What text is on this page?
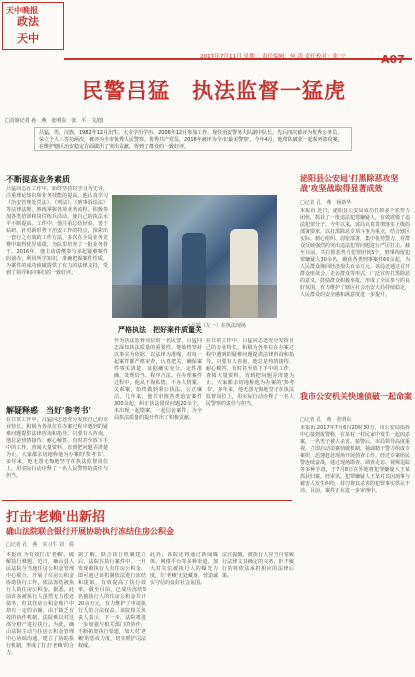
天中晚报
政法
天中
2017年7月11日 星期二 责任编辑：何 涛 责任校对：张 宁	A07
民警吕猛　执法监督一猛虎
□首席记者 孙　燕　张明东　张　平　文/图
吕猛，男，汉族，1982年12月出生，大专学历学历，2006年12月参加工作，现任治安警务大队副中队长，先后四次被评为优秀公务员，荣立个人三等功两次，被评为全市优秀人民警察、优秀共产党员，2016年被评为全市'最美警察'。今年4月，他带队破获一起系列盗窃案，在维护辖区治安稳定方面做出了突出贡献，得到了群众的一致好评。
不断提高业务素质
吕猛同志在工作中，始终坚持以学习为先导，注重理论知识和业务技能的提高。他认真学习《治安管理处罚法》、《刑法》、《刑事诉讼法》等法律法规，熟练掌握各项业务流程，积极参加各类培训和岗位练兵活动，使自己的执法水平不断提高。工作中，他注重总结经验，善于钻研，针对新形势下治安工作的特点，探索出一套行之有效的工作方法，多次在全局业务竞赛中取得优异成绩，为队里培养了一批业务骨干。2016年，他主动请缨参与多起疑难案件的侦办，利用所学知识，准确把握案件性质，为案件的成功侦破提供了有力的法律支持，受到了领导和同事们的一致好评。
△吕猛（左一）在执法现场
严格执法　把好案件质量关
作为执法监督岗位的一名民警，吕猛同志深知执法质量的重要性。他始终坚持以事实为依据、以法律为准绳，对每一起案件都严格审查，认真把关，确保案件事实清楚、证据确实充分、定性准确、处理恰当、程序合法。在办理案件过程中，他从不徇私情，不办人情案、关系案，始终做到秉公执法、公正廉洁。几年来，他共审核各类治安案件300余起，纠正执法错误问题20余个，未出现一起错案、一起信访案件，为全局执法质量的提升作出了积极贡献。
在日常工作中，吕猛同志还充分发挥自己的专业特长，积极为各单位在办案过程中遇到的疑难问题提供法律咨询和指导。只要有人咨询，他总是热情接待、耐心解答，有时甚至放下手中的工作，查阅大量资料，直到把问题弄清楚为止。大家都亲切地称他为办案的'参考书'。多年来，他无怨无悔地坚守在执法监督岗位上，用实际行动诠释了一名人民警察的责任与担当。
解疑释惑　当好'参考书'
在日常工作中，吕猛同志还充分发挥自己的专业特长，积极为各单位在办案过程中遇到的疑难问题提供法律咨询和指导。只要有人咨询，他总是热情接待、耐心解答，有时甚至放下手中的工作，查阅大量资料，直到把问题弄清楚为止。大家都亲切地称他为办案的'参考书'。多年来，他无怨无悔地坚守在执法监督岗位上，用实际行动诠释了一名人民警察的责任与担当。
泌阳县公安局'打黑除恶攻坚战'攻坚战取得显著成效
□记者 孔　燕　杨新华
本报讯 近日，泌阳县公安局成功打掉多个恶势力团伙，抓获了一批违法犯罪嫌疑人，有效震慑了违法犯罪分子。今年以来，该局认真贯彻落实上级的部署要求，以打黑除恶专项斗争为重点，结合辖区实际，精心组织、周密部署，集中优势警力，对群众反映强烈的突出违法犯罪问题进行严厉打击。截至目前，共打掉恶势力犯罪团伙5个，刑事拘留犯罪嫌疑人30余名，破获各类刑事案件60余起，为人民群众挽回经济损失百余万元。该局还通过召开群众座谈会、走访群众等形式，广泛宣传打黑除恶的意义，鼓励群众积极举报，形成了全民参与的良好氛围，有力维护了辖区社会治安大局持续稳定，人民群众的安全感和满意度进一步提升。
我市公安机关快速侦破一起命案
□记者 孔　燕　张明东
本报讯 2017年7月6日20时30分，市公安局指挥中心接到报警称，在某村一村民家中发生一起凶杀案，一名男子被人杀害。接警后，市局领导高度重视，立即启动命案侦破机制，抽调精干警力组成专案组，迅速赶赴现场开展侦查工作。经过专案组民警连续奋战，通过现场勘查、调查走访、视频追踪等多种手段，于7月8日在外地将犯罪嫌疑人王某抓获归案。经审讯，犯罪嫌疑人王某对其因琐事与被害人发生纠纷，持刀将其杀害的犯罪事实供认不讳。目前，案件正在进一步审理中。
打击'老赖'出新招
确山法院联合银行开展协助执行冻结住房公积金
□记者 孔　燕　实习生 刘　倩
本报讯 为有效打击'老赖'，破解执行难题，近日，确山县人民法院与当地住房公积金管理中心联合，开展了住房公积金协助执行工作，依法冻结被执行人的住房公积金。据悉，此前许多被执行人虽然无力偿还债务，但其住房公积金账户中却有一定的余额，由于缺乏有效的协作机制，法院难以对这部分财产进行执行。为此，确山法院主动与住房公积金管理中心协调沟通，建立了协助执行机制，形成了打击'老赖'的合力。
据了解，联合执行机制建立后，法院在执行案件中，一旦发现被执行人有住房公积金，即可通过该机制依法进行冻结和提取，有效提高了执行效率。截至目前，已成功冻结5名被执行人的住房公积金共计20余万元，有力维护了申请执行人的合法权益。该院相关负责人表示，下一步，法院将进一步加强与相关部门的协作，不断拓宽执行渠道，加大对'老赖'的惩戒力度，切实维护司法权威。
此外，该院还将通过新闻媒体、网络平台等多种渠道，加大对失信被执行人的曝光力度，让'老赖'无处藏身，营造诚实守信的良好社会氛围。
法官提醒，被执行人应当自觉履行法律文书确定的义务，拒不履行的将依法承担相应的法律后果。
